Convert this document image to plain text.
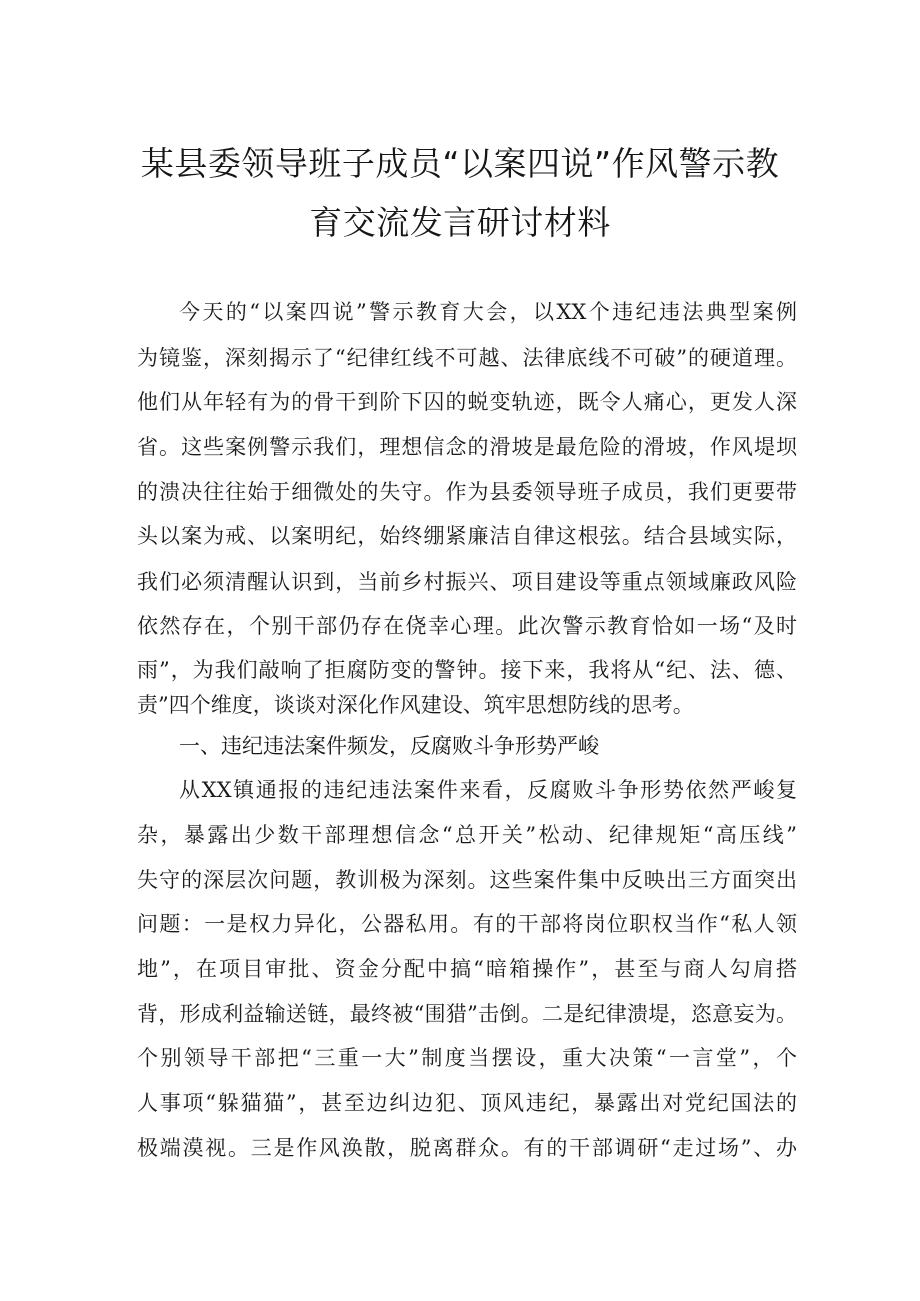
某县委领导班子成员“以案四说”作风警示教
育交流发言研讨材料
今天的“以案四说”警示教育大会，以XX个违纪违法典型案例
为镜鉴，深刻揭示了“纪律红线不可越、法律底线不可破”的硬道理。
他们从年轻有为的骨干到阶下囚的蜕变轨迹，既令人痛心，更发人深
省。这些案例警示我们，理想信念的滑坡是最危险的滑坡，作风堤坝
的溃决往往始于细微处的失守。作为县委领导班子成员，我们更要带
头以案为戒、以案明纪，始终绷紧廉洁自律这根弦。结合县域实际，
我们必须清醒认识到，当前乡村振兴、项目建设等重点领域廉政风险
依然存在，个别干部仍存在侥幸心理。此次警示教育恰如一场“及时
雨”，为我们敲响了拒腐防变的警钟。接下来，我将从“纪、法、德、
责”四个维度，谈谈对深化作风建设、筑牢思想防线的思考。
一、违纪违法案件频发，反腐败斗争形势严峻
从XX镇通报的违纪违法案件来看，反腐败斗争形势依然严峻复
杂，暴露出少数干部理想信念“总开关”松动、纪律规矩“高压线”
失守的深层次问题，教训极为深刻。这些案件集中反映出三方面突出
问题：一是权力异化，公器私用。有的干部将岗位职权当作“私人领
地”，在项目审批、资金分配中搞“暗箱操作”，甚至与商人勾肩搭
背，形成利益输送链，最终被“围猎”击倒。二是纪律溃堤，恣意妄为。
个别领导干部把“三重一大”制度当摆设，重大决策“一言堂”，个
人事项“躲猫猫”，甚至边纠边犯、顶风违纪，暴露出对党纪国法的
极端漠视。三是作风涣散，脱离群众。有的干部调研“走过场”、办
